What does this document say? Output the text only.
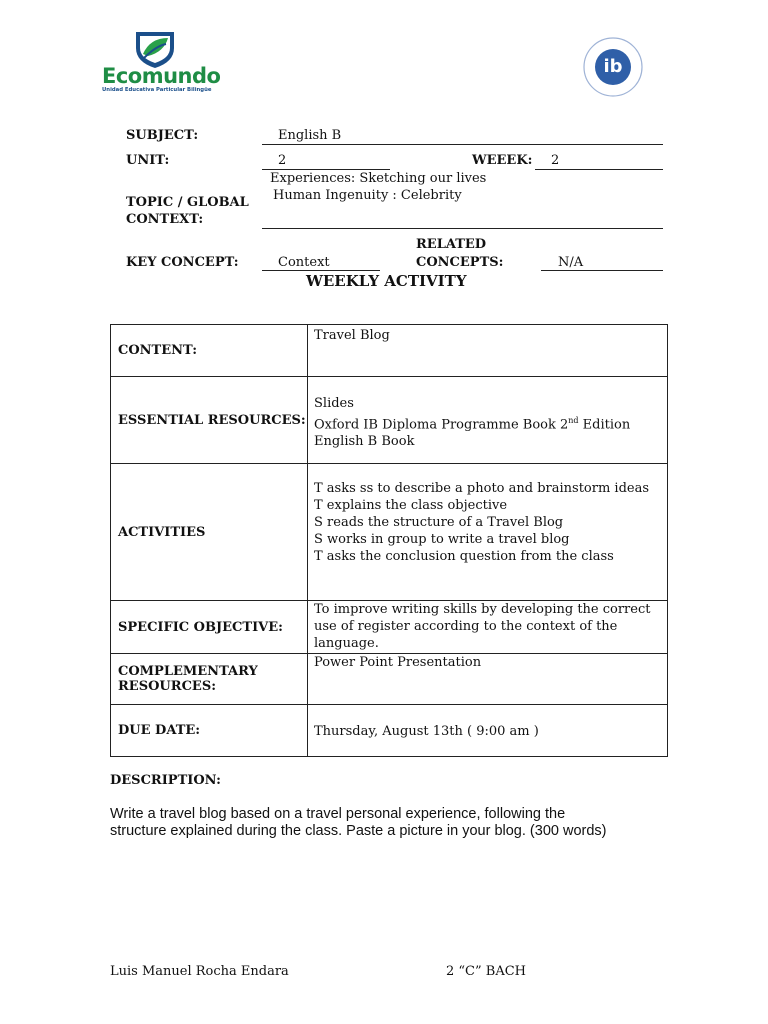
Ecomundo
Unidad Educativa Particular Bilingüe
ib
SUBJECT:	English B
UNIT:	2	WEEEK: 2
Experiences: Sketching our lives
Human Ingenuity : Celebrity
TOPIC / GLOBAL
CONTEXT:
RELATED
KEY CONCEPT:	Context	CONCEPTS:	N/A
WEEKLY ACTIVITY
CONTENT:	Travel Blog
ESSENTIAL RESOURCES:	Slides
Oxford IB Diploma Programme Book 2nd Edition
English B Book

ACTIVITIES	T asks ss to describe a photo and brainstorm ideas
T explains the class objective
S reads the structure of a Travel Blog
S works in group to write a travel blog
T asks the conclusion question from the class

SPECIFIC OBJECTIVE:	To improve writing skills by developing the correct
use of register according to the context of the
language.

COMPLEMENTARY
RESOURCES:	Power Point Presentation
DUE DATE:	Thursday, August 13th ( 9:00 am )
DESCRIPTION:
Write a travel blog based on a travel personal experience, following the
structure explained during the class. Paste a picture in your blog. (300 words)
Luis Manuel Rocha Endara	2 “C” BACH
